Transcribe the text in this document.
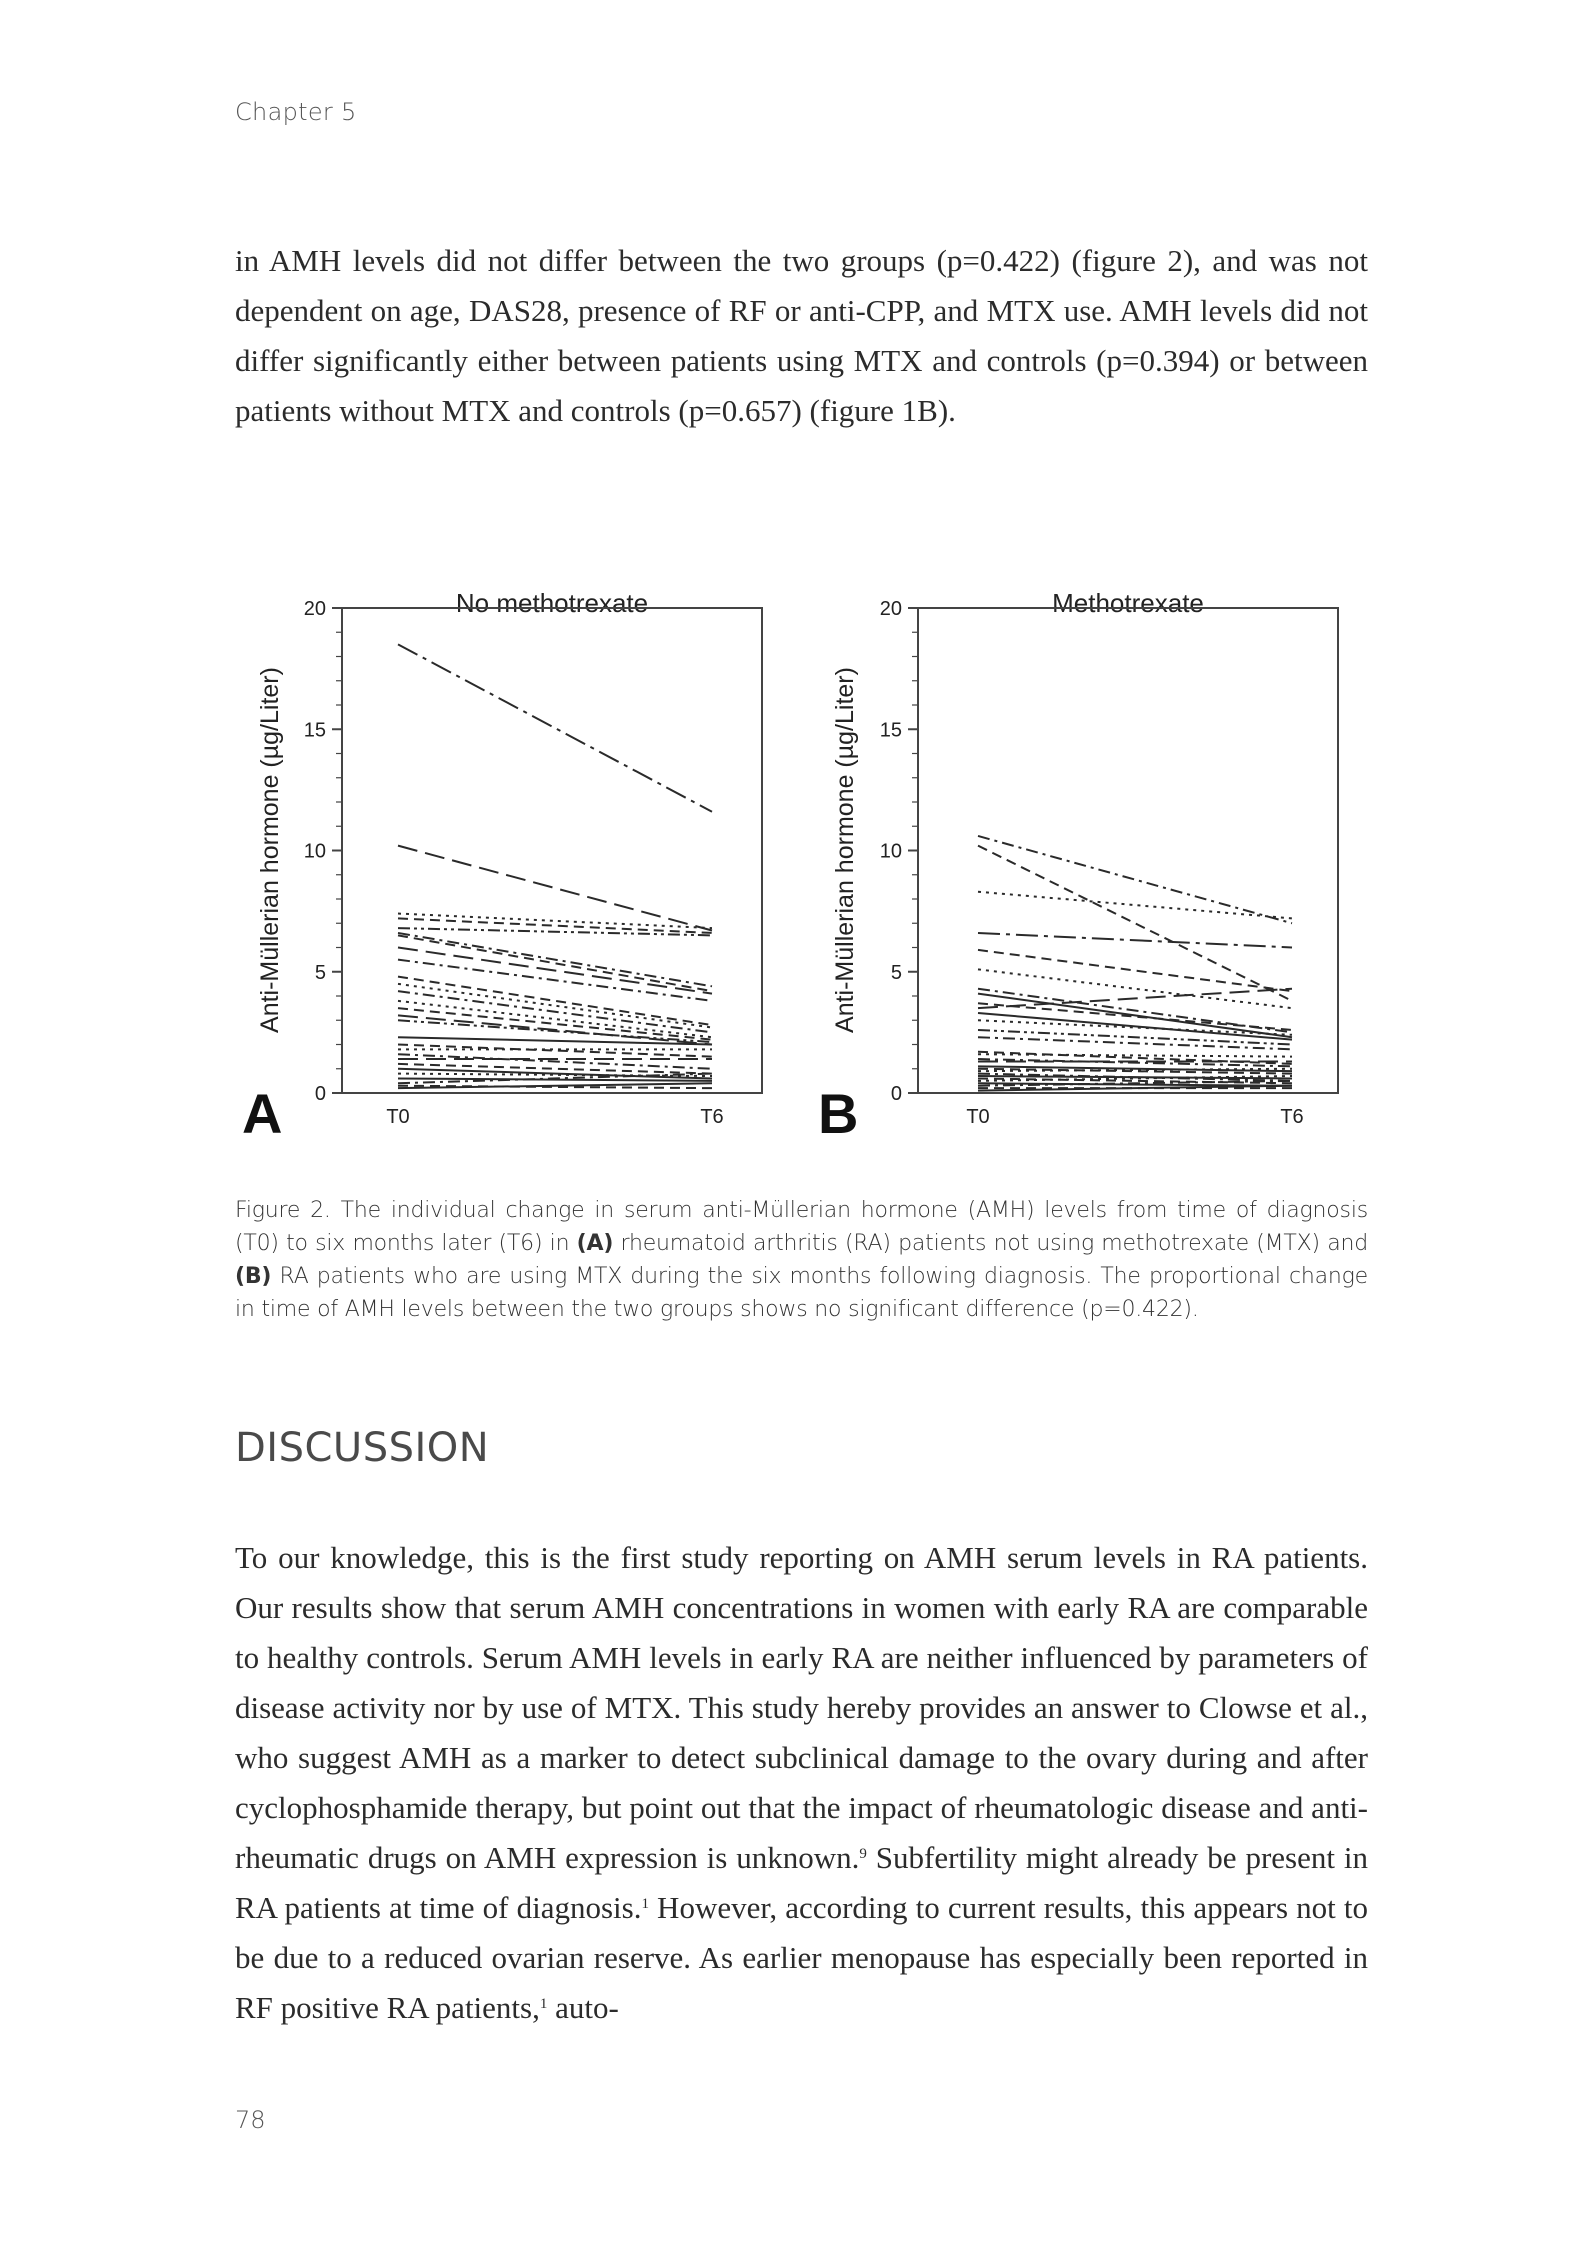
Chapter 5

in AMH levels did not differ between the two groups (p=0.422) (figure 2), and was not dependent on age, DAS28, presence of RF or anti-CPP, and MTX use. AMH levels did not differ significantly either between patients using MTX and controls (p=0.394) or between patients without MTX and controls (p=0.657) (figure 1B).

No methotrexate
0
5
10
15
20
T0	T6
Anti-Müllerian hormone (µg/Liter)
A
Methotrexate
0
5
10
15
20
T0	T6
Anti-Müllerian hormone (µg/Liter)
B

Figure 2. The individual change in serum anti-Müllerian hormone (AMH) levels from time of diagnosis (T0) to six months later (T6) in (A) rheumatoid arthritis (RA) patients not using methotrexate (MTX) and (B) RA patients who are using MTX during the six months following diagnosis. The proportional change in time of AMH levels between the two groups shows no significant difference (p=0.422).

DISCUSSION

To our knowledge, this is the first study reporting on AMH serum levels in RA patients. Our results show that serum AMH concentrations in women with early RA are comparable to healthy controls. Serum AMH levels in early RA are neither influenced by parameters of disease activity nor by use of MTX. This study hereby provides an answer to Clowse et al., who suggest AMH as a marker to detect subclinical damage to the ovary during and after cyclophosphamide therapy, but point out that the impact of rheumatologic disease and anti-rheumatic drugs on AMH expression is unknown.$^9$ Subfertility might already be present in RA patients at time of diagnosis.$^1$ However, according to current results, this appears not to be due to a reduced ovarian reserve. As earlier menopause has especially been reported in RF positive RA patients,$^1$ auto-

78
